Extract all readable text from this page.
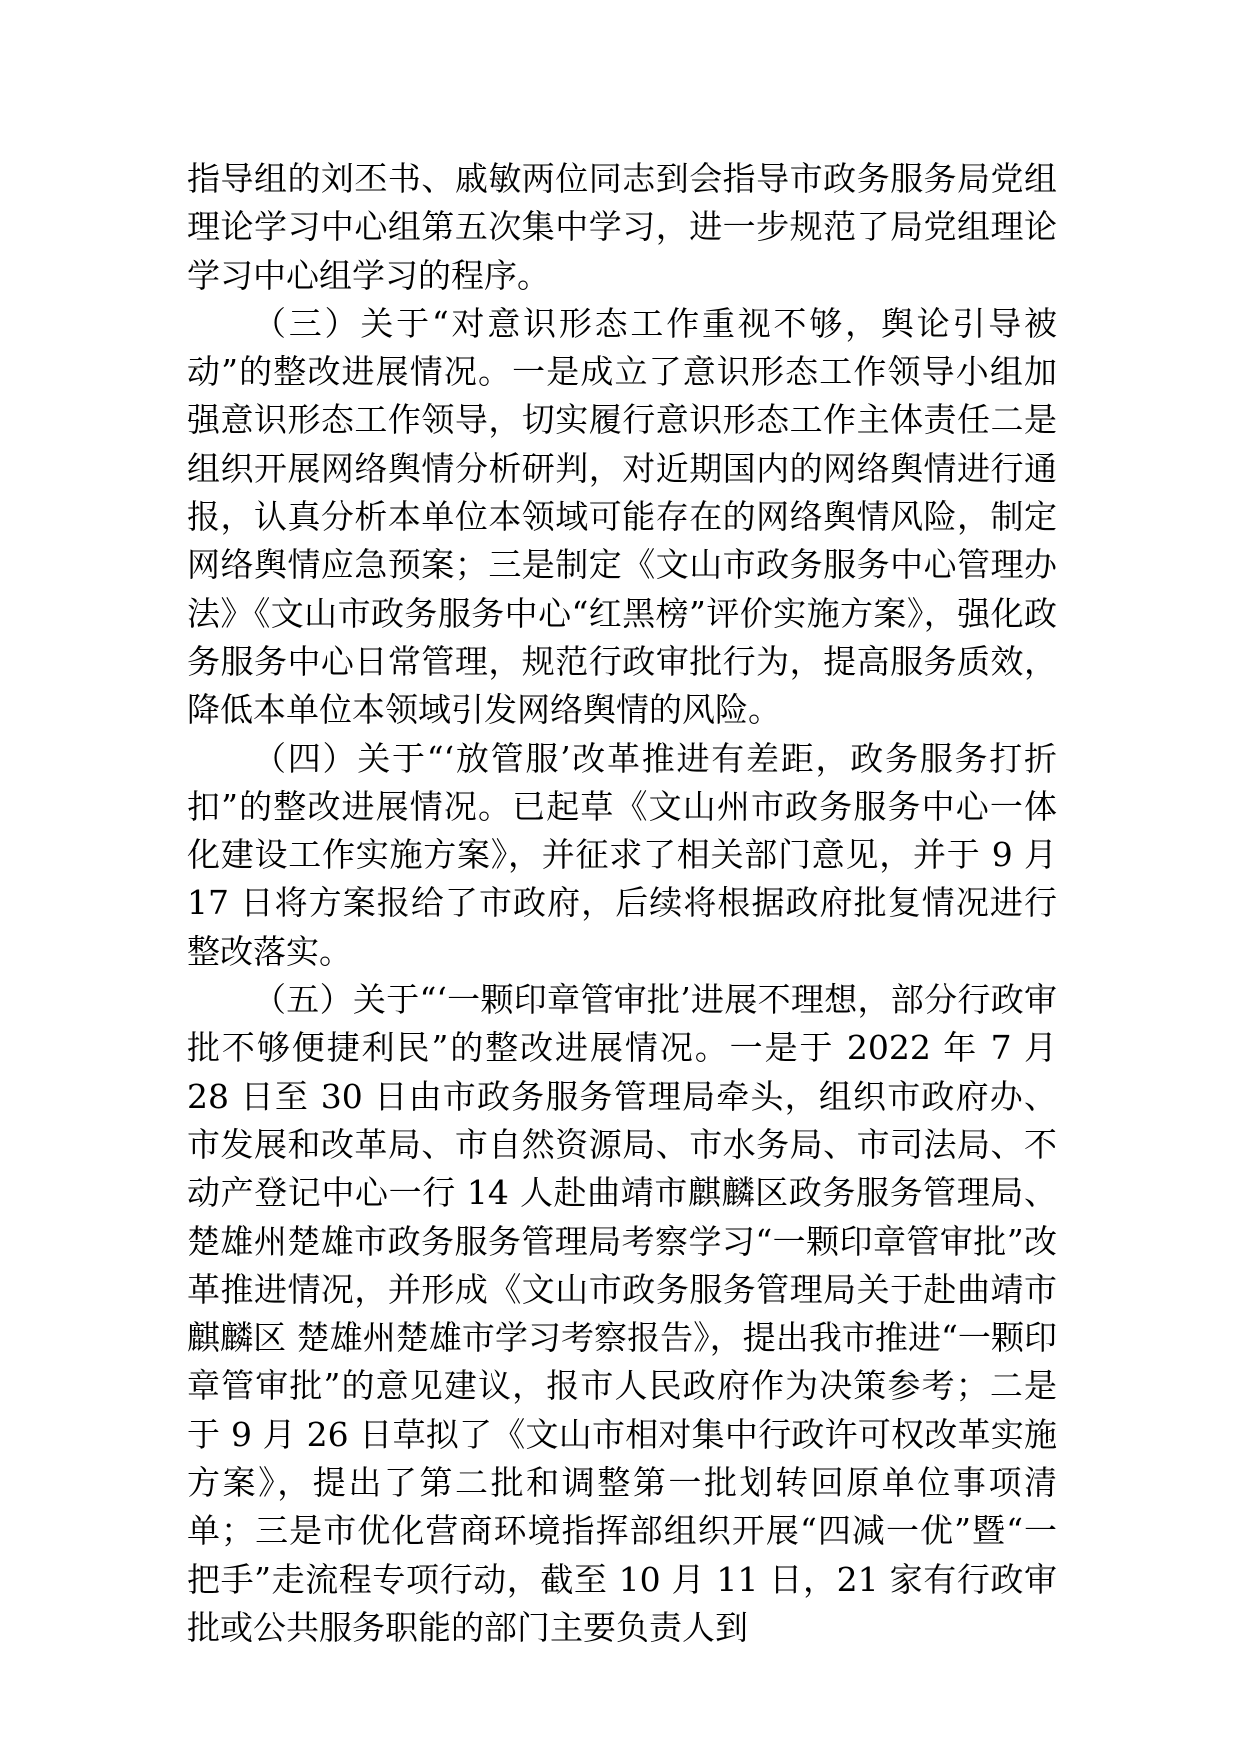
指导组的刘丕书、戚敏两位同志到会指导市政务服务局党组理论学习中心组第五次集中学习，进一步规范了局党组理论学习中心组学习的程序。

（三）关于“对意识形态工作重视不够，舆论引导被动”的整改进展情况。一是成立了意识形态工作领导小组加强意识形态工作领导，切实履行意识形态工作主体责任二是组织开展网络舆情分析研判，对近期国内的网络舆情进行通报，认真分析本单位本领域可能存在的网络舆情风险，制定网络舆情应急预案；三是制定《文山市政务服务中心管理办法》《文山市政务服务中心“红黑榜”评价实施方案》，强化政务服务中心日常管理，规范行政审批行为，提高服务质效，降低本单位本领域引发网络舆情的风险。

（四）关于“‘放管服’改革推进有差距，政务服务打折扣”的整改进展情况。已起草《文山州市政务服务中心一体化建设工作实施方案》，并征求了相关部门意见，并于 9 月 17 日将方案报给了市政府，后续将根据政府批复情况进行整改落实。

（五）关于“‘一颗印章管审批’进展不理想，部分行政审批不够便捷利民”的整改进展情况。一是于 2022 年 7 月 28 日至 30 日由市政务服务管理局牵头，组织市政府办、市发展和改革局、市自然资源局、市水务局、市司法局、不动产登记中心一行 14 人赴曲靖市麒麟区政务服务管理局、楚雄州楚雄市政务服务管理局考察学习“一颗印章管审批”改革推进情况，并形成《文山市政务服务管理局关于赴曲靖市麒麟区 楚雄州楚雄市学习考察报告》，提出我市推进“一颗印章管审批”的意见建议，报市人民政府作为决策参考；二是于 9 月 26 日草拟了《文山市相对集中行政许可权改革实施方案》，提出了第二批和调整第一批划转回原单位事项清单；三是市优化营商环境指挥部组织开展“四减一优”暨“一把手”走流程专项行动，截至 10 月 11 日，21 家有行政审批或公共服务职能的部门主要负责人到
